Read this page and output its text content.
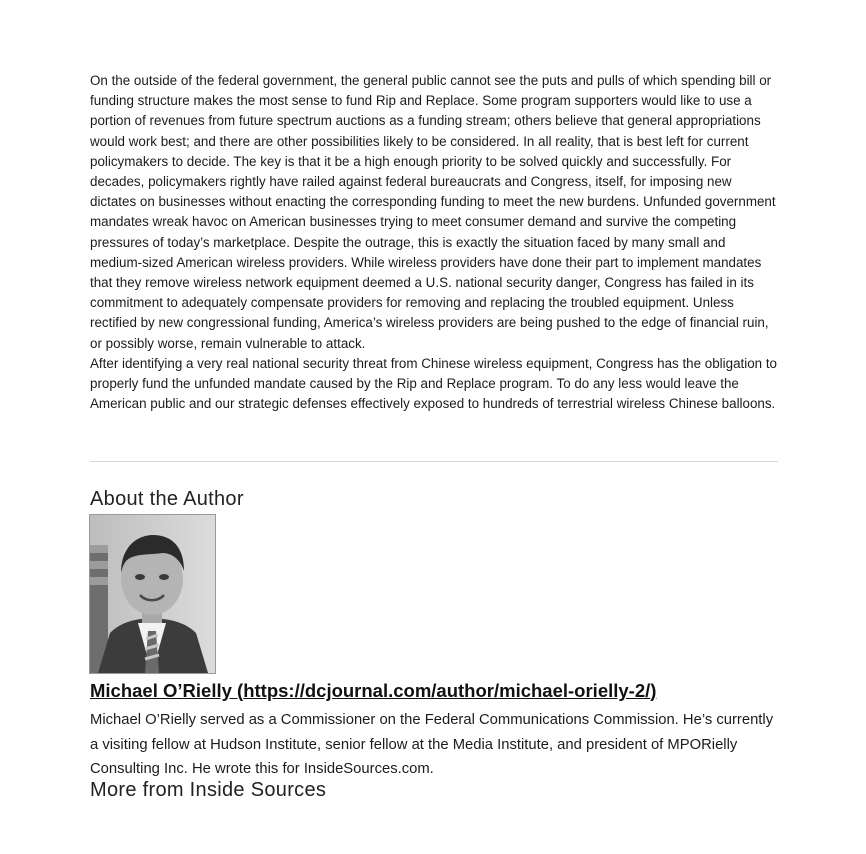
On the outside of the federal government, the general public cannot see the puts and pulls of which spending bill or funding structure makes the most sense to fund Rip and Replace. Some program supporters would like to use a portion of revenues from future spectrum auctions as a funding stream; others believe that general appropriations would work best; and there are other possibilities likely to be considered. In all reality, that is best left for current policymakers to decide. The key is that it be a high enough priority to be solved quickly and successfully. For decades, policymakers rightly have railed against federal bureaucrats and Congress, itself, for imposing new dictates on businesses without enacting the corresponding funding to meet the new burdens. Unfunded government mandates wreak havoc on American businesses trying to meet consumer demand and survive the competing pressures of today’s marketplace. Despite the outrage, this is exactly the situation faced by many small and medium-sized American wireless providers. While wireless providers have done their part to implement mandates that they remove wireless network equipment deemed a U.S. national security danger, Congress has failed in its commitment to adequately compensate providers for removing and replacing the troubled equipment. Unless rectified by new congressional funding, America’s wireless providers are being pushed to the edge of financial ruin, or possibly worse, remain vulnerable to attack.

After identifying a very real national security threat from Chinese wireless equipment, Congress has the obligation to properly fund the unfunded mandate caused by the Rip and Replace program. To do any less would leave the American public and our strategic defenses effectively exposed to hundreds of terrestrial wireless Chinese balloons.

About the Author
Michael O’Rielly ( https://dcjournal.com/author/michael-orielly-2/ )

Michael O’Rielly served as a Commissioner on the Federal Communications Commission. He’s currently a visiting fellow at Hudson Institute, senior fellow at the Media Institute, and president of MPORielly Consulting Inc. He wrote this for InsideSources.com.

More from Inside Sources
